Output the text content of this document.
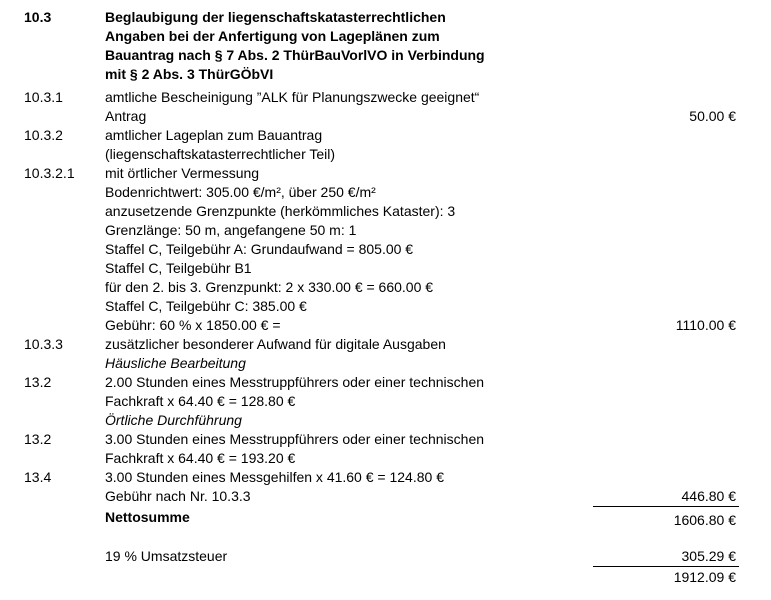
10.3	Beglaubigung der liegenschaftskatasterrechtlichen
Angaben bei der Anfertigung von Lageplänen zum
Bauantrag nach § 7 Abs. 2 ThürBauVorlVO in Verbindung
mit § 2 Abs. 3 ThürGÖbVI
10.3.1	amtliche Bescheinigung ”ALK für Planungszwecke geeignet“
Antrag	50.00 €
10.3.2	amtlicher Lageplan zum Bauantrag
(liegenschaftskatasterrechtlicher Teil)
10.3.2.1 mit örtlicher Vermessung
Bodenrichtwert: 305.00 €/m², über 250 €/m²
anzusetzende Grenzpunkte (herkömmliches Kataster): 3
Grenzlänge: 50 m, angefangene 50 m: 1
Staffel C, Teilgebühr A: Grundaufwand = 805.00 €
Staffel C, Teilgebühr B1
für den 2. bis 3. Grenzpunkt: 2 x 330.00 € = 660.00 €
Staffel C, Teilgebühr C: 385.00 €
Gebühr: 60 % x 1850.00 € =	1110.00 €
10.3.3	zusätzlicher besonderer Aufwand für digitale Ausgaben
Häusliche Bearbeitung
13.2	2.00 Stunden eines Messtruppführers oder einer technischen
Fachkraft x 64.40 € = 128.80 €
Örtliche Durchführung
13.2	3.00 Stunden eines Messtruppführers oder einer technischen
Fachkraft x 64.40 € = 193.20 €
13.4	3.00 Stunden eines Messgehilfen x 41.60 € = 124.80 €
Gebühr nach Nr. 10.3.3	446.80 €
Nettosumme	1606.80 €
19 % Umsatzsteuer	305.29 €
1912.09 €
